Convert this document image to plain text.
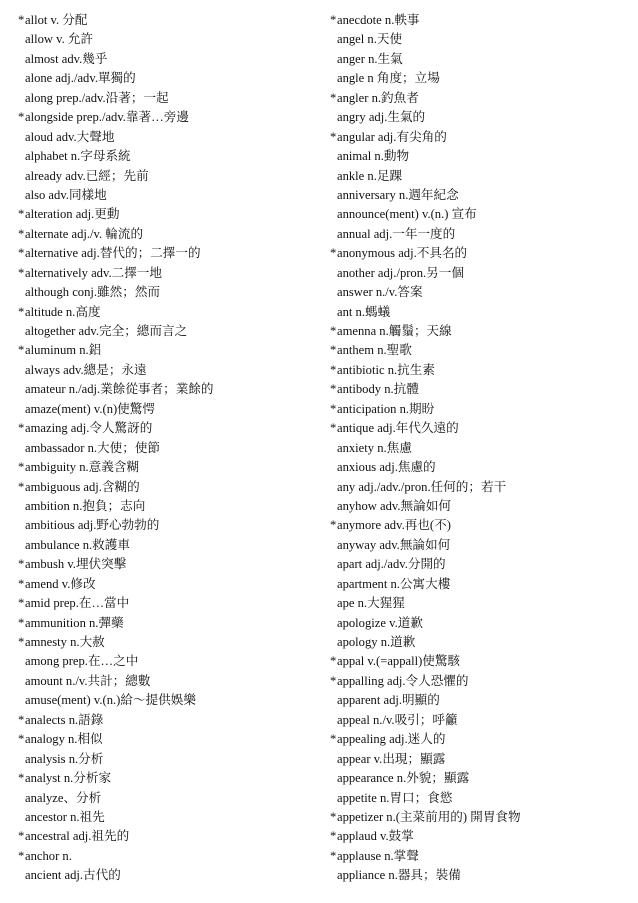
*allot v. 分配
allow v. 允許
almost adv.幾乎
alone adj./adv.單獨的
along prep./adv.沿著；一起
*alongside prep./adv.靠著…旁邊
aloud adv.大聲地
alphabet n.字母系統
already adv.已經；先前
also adv.同樣地
*alteration adj.更動
*alternate adj./v. 輪流的
*alternative adj.替代的；二擇一的
*alternatively adv.二擇一地
although conj.雖然；然而
*altitude n.高度
altogether adv.完全；總而言之
*aluminum n.鋁
always adv.總是；永遠
amateur n./adj.業餘從事者；業餘的
amaze(ment) v.(n)使驚愕
*amazing adj.令人驚訝的
ambassador n.大使；使節
*ambiguity n.意義含糊
*ambiguous adj.含糊的
ambition n.抱負；志向
ambitious adj.野心勃勃的
ambulance n.救護車
*ambush v.埋伏突擊
*amend v.修改
*amid prep.在…當中
*ammunition n.彈藥
*amnesty n.大赦
among prep.在…之中
amount n./v.共計；總數
amuse(ment) v.(n.)給～提供娛樂
*analects n.語錄
*analogy n.相似
analysis n.分析
*analyst n.分析家
analyze、分析
ancestor n.祖先
*ancestral adj.祖先的
*anchor n.
ancient adj.古代的
*anecdote n.軼事
angel n.天使
anger n.生氣
angle n 角度；立場
*angler n.釣魚者
angry adj.生氣的
*angular adj.有尖角的
animal n.動物
ankle n.足踝
anniversary n.週年紀念
announce(ment) v.(n.) 宣布
annual adj.一年一度的
*anonymous adj.不具名的
another adj./pron.另一個
answer n./v.答案
ant n.螞蟻
*amenna n.觸鬚；天線
*anthem n.聖歌
*antibiotic n.抗生素
*antibody n.抗體
*anticipation n.期盼
*antique adj.年代久遠的
anxiety n.焦慮
anxious adj.焦慮的
any adj./adv./pron.任何的；若干
anyhow adv.無論如何
*anymore adv.再也(不)
anyway adv.無論如何
apart adj./adv.分開的
apartment n.公寓大樓
ape n.大猩猩
apologize v.道歉
apology n.道歉
*appal v.(=appall)使驚駭
*appalling adj.令人恐懼的
apparent adj.明顯的
appeal n./v.吸引；呼籲
*appealing adj.迷人的
appear v.出現；顯露
appearance n.外貌；顯露
appetite n.胃口；食慾
*appetizer n.(主菜前用的) 開胃食物
*applaud v.鼓掌
*applause n.掌聲
appliance n.器具；裝備
